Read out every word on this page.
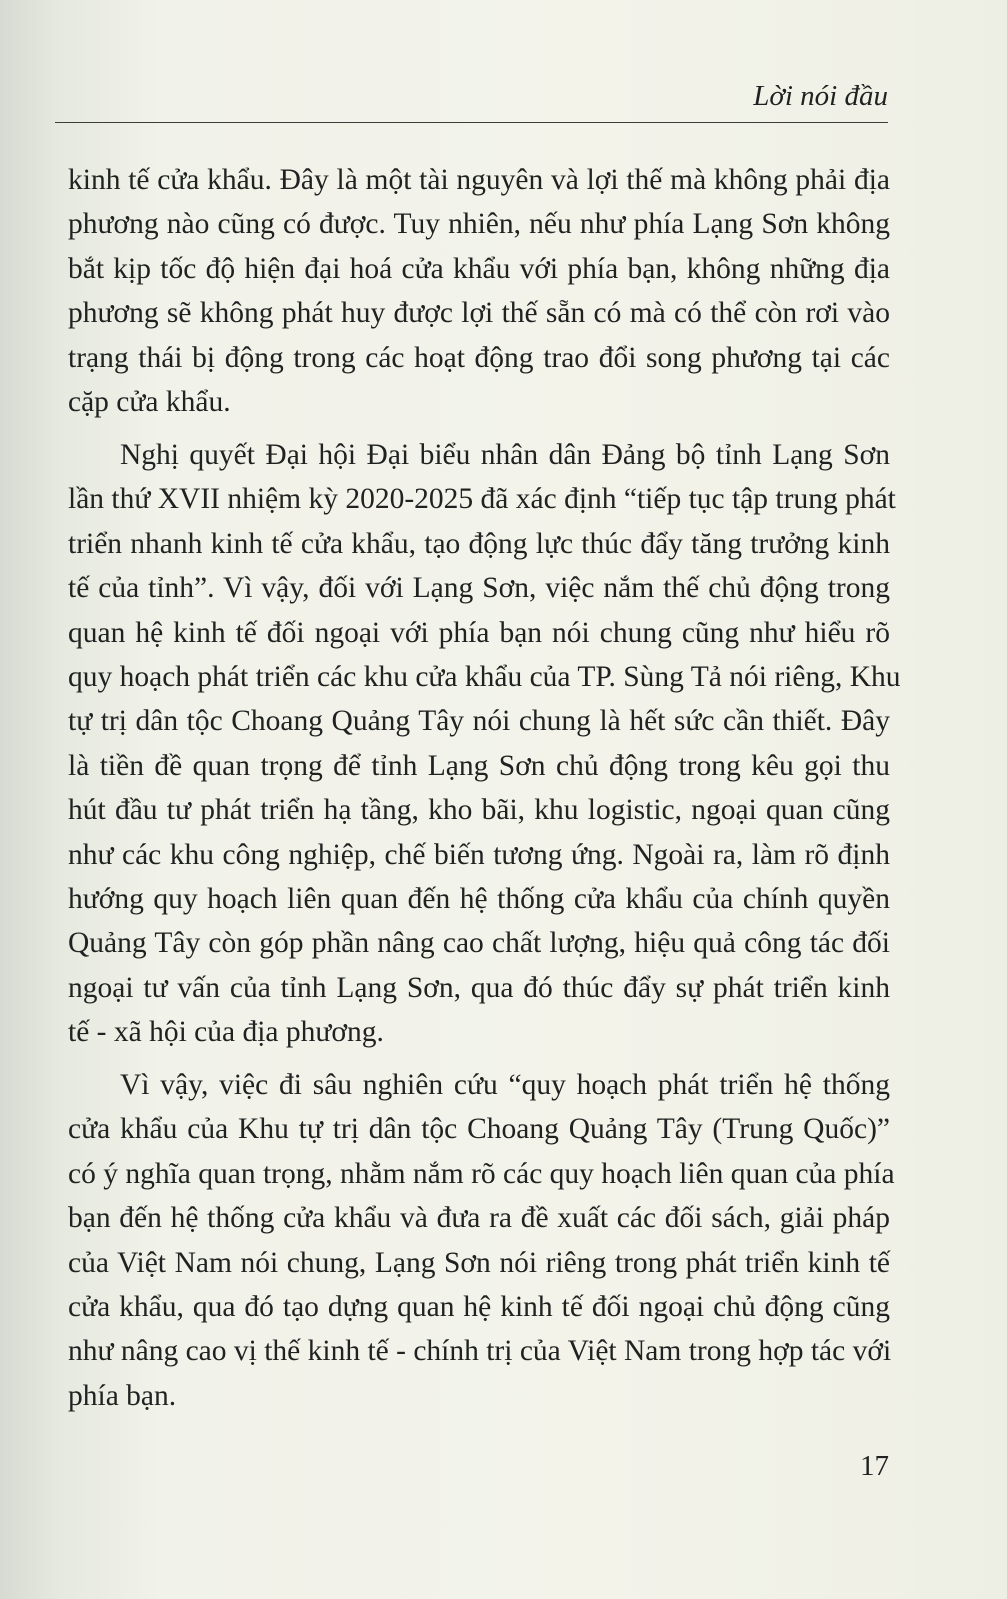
Lời nói đầu
kinh tế cửa khẩu. Đây là một tài nguyên và lợi thế mà không phải địa
phương nào cũng có được. Tuy nhiên, nếu như phía Lạng Sơn không
bắt kịp tốc độ hiện đại hoá cửa khẩu với phía bạn, không những địa
phương sẽ không phát huy được lợi thế sẵn có mà có thể còn rơi vào
trạng thái bị động trong các hoạt động trao đổi song phương tại các
cặp cửa khẩu.
Nghị quyết Đại hội Đại biểu nhân dân Đảng bộ tỉnh Lạng Sơn
lần thứ XVII nhiệm kỳ 2020-2025 đã xác định “tiếp tục tập trung phát
triển nhanh kinh tế cửa khẩu, tạo động lực thúc đẩy tăng trưởng kinh
tế của tỉnh”. Vì vậy, đối với Lạng Sơn, việc nắm thế chủ động trong
quan hệ kinh tế đối ngoại với phía bạn nói chung cũng như hiểu rõ
quy hoạch phát triển các khu cửa khẩu của TP. Sùng Tả nói riêng, Khu
tự trị dân tộc Choang Quảng Tây nói chung là hết sức cần thiết. Đây
là tiền đề quan trọng để tỉnh Lạng Sơn chủ động trong kêu gọi thu
hút đầu tư phát triển hạ tầng, kho bãi, khu logistic, ngoại quan cũng
như các khu công nghiệp, chế biến tương ứng. Ngoài ra, làm rõ định
hướng quy hoạch liên quan đến hệ thống cửa khẩu của chính quyền
Quảng Tây còn góp phần nâng cao chất lượng, hiệu quả công tác đối
ngoại tư vấn của tỉnh Lạng Sơn, qua đó thúc đẩy sự phát triển kinh
tế - xã hội của địa phương.
Vì vậy, việc đi sâu nghiên cứu “quy hoạch phát triển hệ thống
cửa khẩu của Khu tự trị dân tộc Choang Quảng Tây (Trung Quốc)”
có ý nghĩa quan trọng, nhằm nắm rõ các quy hoạch liên quan của phía
bạn đến hệ thống cửa khẩu và đưa ra đề xuất các đối sách, giải pháp
của Việt Nam nói chung, Lạng Sơn nói riêng trong phát triển kinh tế
cửa khẩu, qua đó tạo dựng quan hệ kinh tế đối ngoại chủ động cũng
như nâng cao vị thế kinh tế - chính trị của Việt Nam trong hợp tác với
phía bạn.
17
